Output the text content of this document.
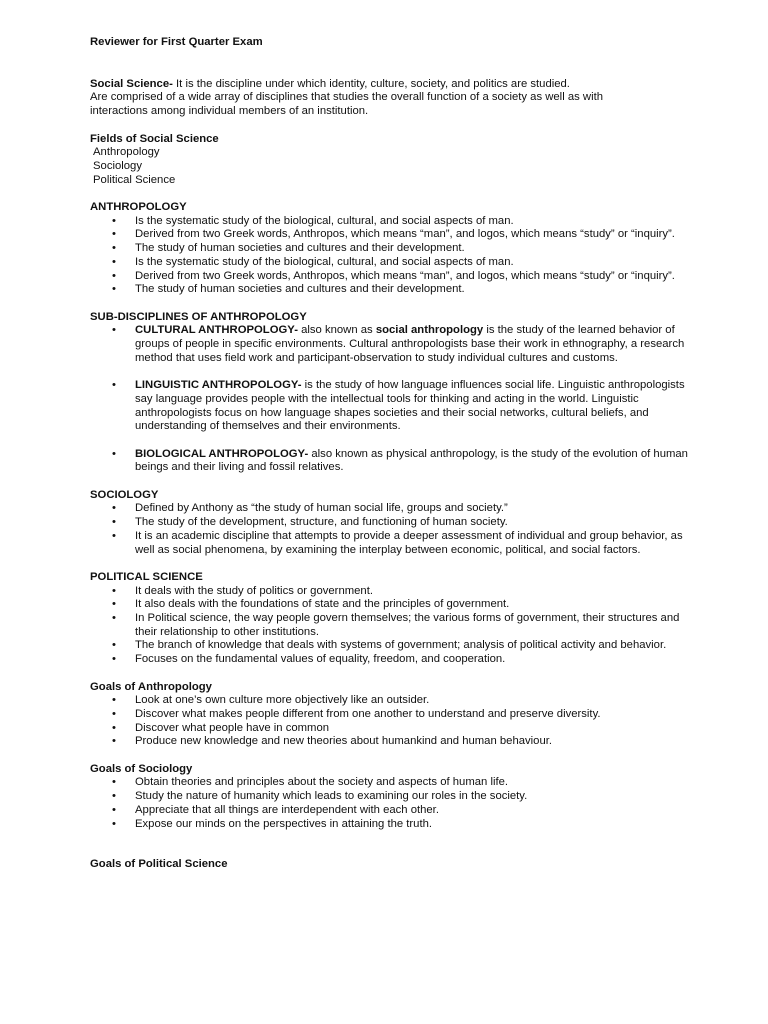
Reviewer for First Quarter Exam
Social Science- It is the discipline under which identity, culture, society, and politics are studied.
Are comprised of a wide array of disciplines that studies the overall function of a society as well as with
interactions among individual members of an institution.
Fields of Social Science
Anthropology
Sociology
Political Science
ANTHROPOLOGY
• Is the systematic study of the biological, cultural, and social aspects of man.
• Derived from two Greek words, Anthropos, which means “man”, and logos, which means “study” or “inquiry”.
• The study of human societies and cultures and their development.
• Is the systematic study of the biological, cultural, and social aspects of man.
• Derived from two Greek words, Anthropos, which means “man”, and logos, which means “study” or “inquiry”.
• The study of human societies and cultures and their development.
SUB-DISCIPLINES OF ANTHROPOLOGY
• CULTURAL ANTHROPOLOGY- also known as social anthropology is the study of the learned behavior of groups of people in specific environments. Cultural anthropologists base their work in ethnography, a research method that uses field work and participant-observation to study individual cultures and customs.
• LINGUISTIC ANTHROPOLOGY- is the study of how language influences social life. Linguistic anthropologists say language provides people with the intellectual tools for thinking and acting in the world. Linguistic anthropologists focus on how language shapes societies and their social networks, cultural beliefs, and understanding of themselves and their environments.
• BIOLOGICAL ANTHROPOLOGY- also known as physical anthropology, is the study of the evolution of human beings and their living and fossil relatives.
SOCIOLOGY
• Defined by Anthony as “the study of human social life, groups and society.”
• The study of the development, structure, and functioning of human society.
• It is an academic discipline that attempts to provide a deeper assessment of individual and group behavior, as well as social phenomena, by examining the interplay between economic, political, and social factors.
POLITICAL SCIENCE
• It deals with the study of politics or government.
• It also deals with the foundations of state and the principles of government.
• In Political science, the way people govern themselves; the various forms of government, their structures and their relationship to other institutions.
• The branch of knowledge that deals with systems of government; analysis of political activity and behavior.
• Focuses on the fundamental values of equality, freedom, and cooperation.
Goals of Anthropology
• Look at one’s own culture more objectively like an outsider.
• Discover what makes people different from one another to understand and preserve diversity.
• Discover what people have in common
• Produce new knowledge and new theories about humankind and human behaviour.
Goals of Sociology
• Obtain theories and principles about the society and aspects of human life.
• Study the nature of humanity which leads to examining our roles in the society.
• Appreciate that all things are interdependent with each other.
• Expose our minds on the perspectives in attaining the truth.
Goals of Political Science
